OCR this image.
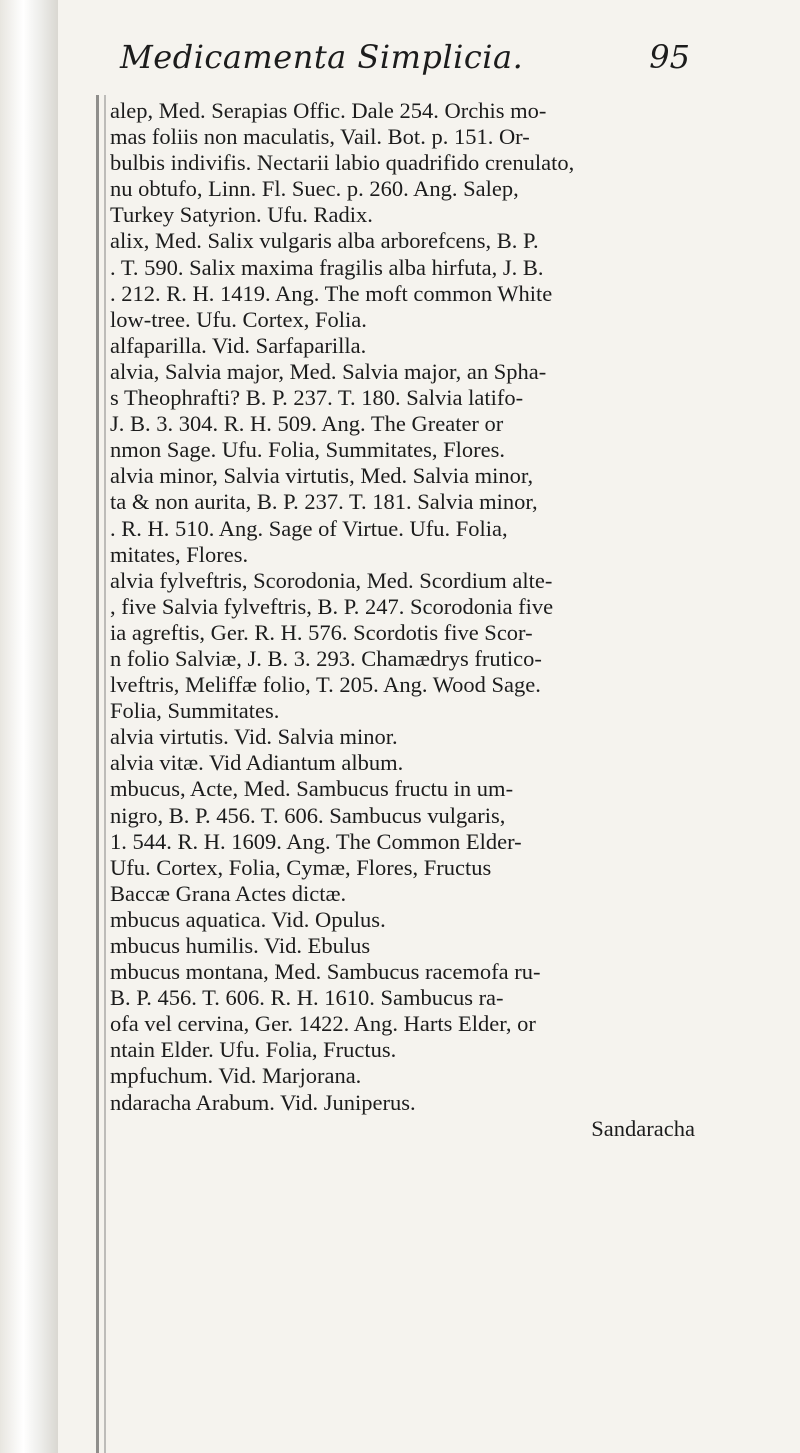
Medicamenta Simplicia.	95
alep, Med. Serapias Offic. Dale 254. Orchis mo-
mas foliis non maculatis, Vail. Bot. p. 151. Or-
bulbis indivifis. Nectarii labio quadrifido crenulato,
nu obtufo, Linn. Fl. Suec. p. 260. Ang. Salep,
Turkey Satyrion. Ufu. Radix.
alix, Med. Salix vulgaris alba arborefcens, B. P.
. T. 590. Salix maxima fragilis alba hirfuta, J. B.
. 212. R. H. 1419. Ang. The moft common White
low-tree. Ufu. Cortex, Folia.
alfaparilla. Vid. Sarfaparilla.
alvia, Salvia major, Med. Salvia major, an Spha-
s Theophrafti? B. P. 237. T. 180. Salvia latifo-
J. B. 3. 304. R. H. 509. Ang. The Greater or
nmon Sage. Ufu. Folia, Summitates, Flores.
alvia minor, Salvia virtutis, Med. Salvia minor,
ta & non aurita, B. P. 237. T. 181. Salvia minor,
. R. H. 510. Ang. Sage of Virtue. Ufu. Folia,
mitates, Flores.
alvia fylveftris, Scorodonia, Med. Scordium alte-
, five Salvia fylveftris, B. P. 247. Scorodonia five
ia agreftis, Ger. R. H. 576. Scordotis five Scor-
n folio Salviæ, J. B. 3. 293. Chamædrys frutico-
lveftris, Meliffæ folio, T. 205. Ang. Wood Sage.
Folia, Summitates.
alvia virtutis. Vid. Salvia minor.
alvia vitæ. Vid Adiantum album.
mbucus, Acte, Med. Sambucus fructu in um-
nigro, B. P. 456. T. 606. Sambucus vulgaris,
1. 544. R. H. 1609. Ang. The Common Elder-
Ufu. Cortex, Folia, Cymæ, Flores, Fructus
Baccæ Grana Actes dictæ.
mbucus aquatica. Vid. Opulus.
mbucus humilis. Vid. Ebulus
mbucus montana, Med. Sambucus racemofa ru-
B. P. 456. T. 606. R. H. 1610. Sambucus ra-
ofa vel cervina, Ger. 1422. Ang. Harts Elder, or
ntain Elder. Ufu. Folia, Fructus.
mpfuchum. Vid. Marjorana.
ndaracha Arabum. Vid. Juniperus.
Sandaracha
